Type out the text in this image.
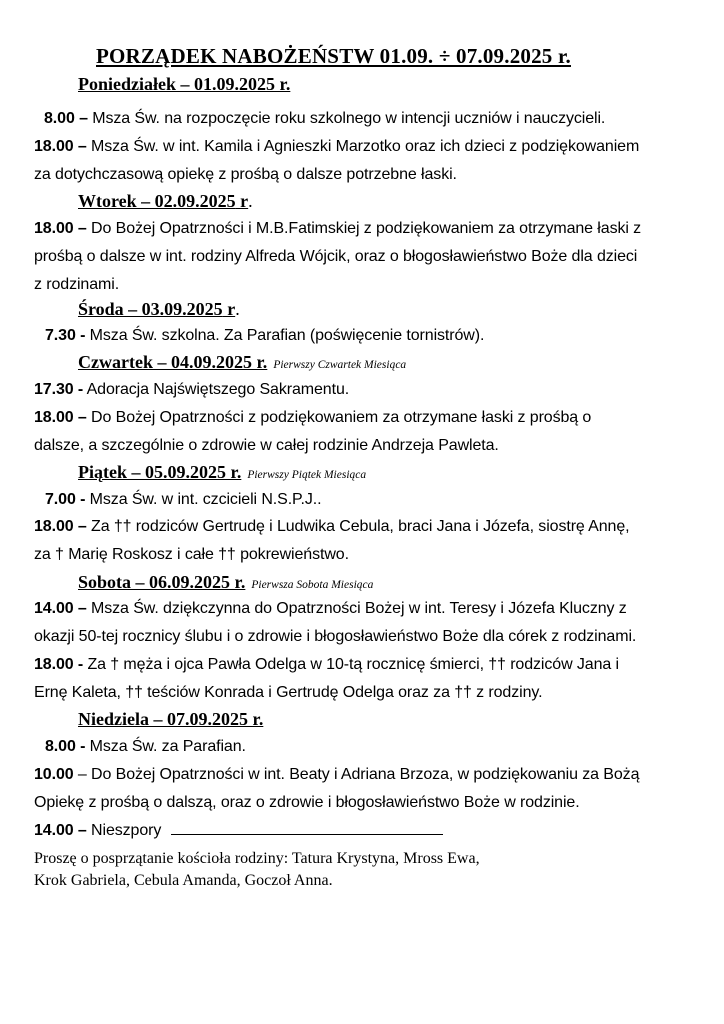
PORZĄDEK NABOŻEŃSTW 01.09. ÷ 07.09.2025 r.
Poniedziałek – 01.09.2025 r.
8.00 – Msza Św. na rozpoczęcie roku szkolnego w intencji uczniów i nauczycieli.
18.00 – Msza Św. w int. Kamila i Agnieszki Marzotko oraz ich dzieci z podziękowaniem
za dotychczasową opiekę z prośbą o dalsze potrzebne łaski.
Wtorek – 02.09.2025 r.
18.00 – Do Bożej Opatrzności i M.B.Fatimskiej z podziękowaniem za otrzymane łaski z
prośbą o dalsze w int. rodziny Alfreda Wójcik, oraz o błogosławieństwo Boże dla dzieci
z rodzinami.
Środa – 03.09.2025 r.
7.30 - Msza Św. szkolna. Za Parafian (poświęcenie tornistrów).
Czwartek – 04.09.2025 r. Pierwszy Czwartek Miesiąca
17.30 - Adoracja Najświętszego Sakramentu.
18.00 – Do Bożej Opatrzności z podziękowaniem za otrzymane łaski z prośbą o
dalsze, a szczególnie o zdrowie w całej rodzinie Andrzeja Pawleta.
Piątek – 05.09.2025 r. Pierwszy Piątek Miesiąca
7.00 - Msza Św. w int. czcicieli N.S.P.J..
18.00 – Za †† rodziców Gertrudę i Ludwika Cebula, braci Jana i Józefa, siostrę Annę,
za † Marię Roskosz i całe †† pokrewieństwo.
Sobota – 06.09.2025 r. Pierwsza Sobota Miesiąca
14.00 – Msza Św. dziękczynna do Opatrzności Bożej w int. Teresy i Józefa Kluczny z
okazji 50-tej rocznicy ślubu i o zdrowie i błogosławieństwo Boże dla córek z rodzinami.
18.00 - Za † męża i ojca Pawła Odelga w 10-tą rocznicę śmierci, †† rodziców Jana i
Ernę Kaleta, †† teściów Konrada i Gertrudę Odelga oraz za †† z rodziny.
Niedziela – 07.09.2025 r.
8.00 - Msza Św. za Parafian.
10.00 – Do Bożej Opatrzności w int. Beaty i Adriana Brzoza, w podziękowaniu za Bożą
Opiekę z prośbą o dalszą, oraz o zdrowie i błogosławieństwo Boże w rodzinie.
14.00 – Nieszpory
Proszę o posprzątanie kościoła rodziny: Tatura Krystyna, Mross Ewa,
Krok Gabriela, Cebula Amanda, Goczoł Anna.
